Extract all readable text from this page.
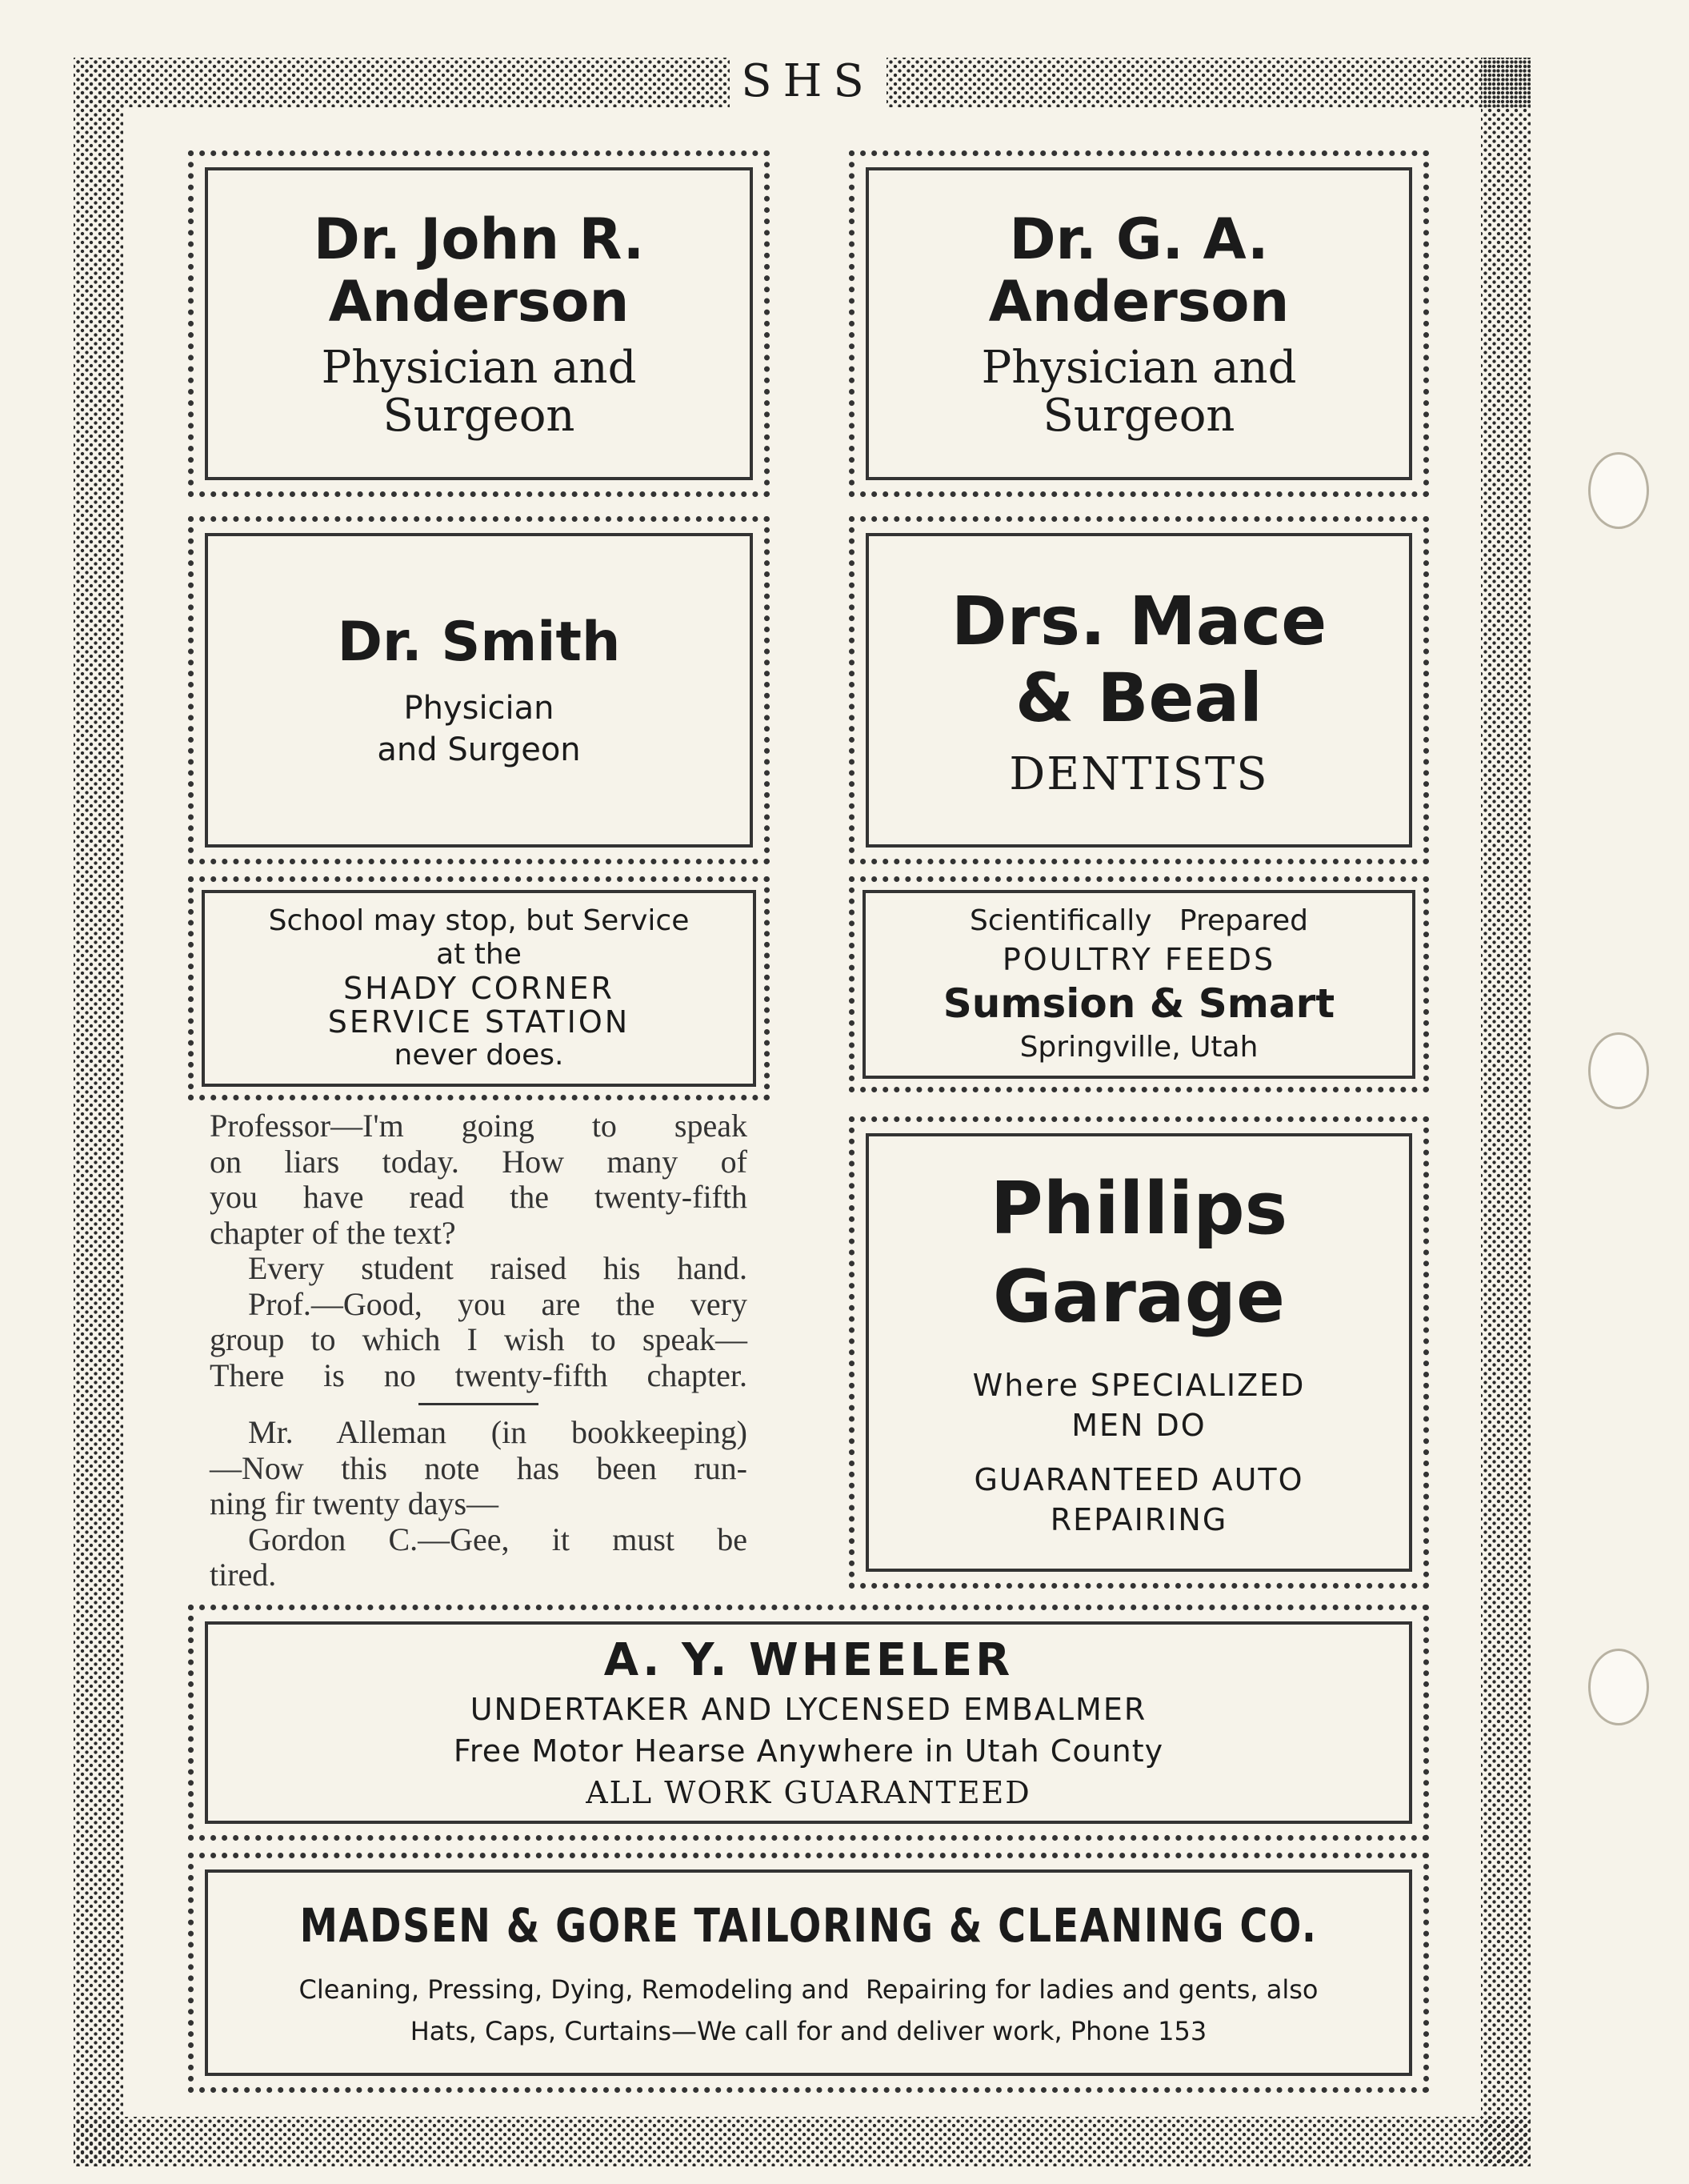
SHS
Dr. John R.
Anderson
Physician and
Surgeon
Dr. G. A.
Anderson
Physician and
Surgeon
Dr. Smith
Physician
and Surgeon
Drs. Mace
& Beal
DENTISTS
School may stop, but Service
at the
SHADY CORNER
SERVICE STATION
never does.
Scientifically   Prepared
POULTRY FEEDS
Sumsion & Smart
Springville, Utah

Professor—I'm going to speak

on liars today. How many of

you have read the twenty-fifth

chapter of the text?

Every student raised his hand.

Prof.—Good, you are the very

group to which I wish to speak—

There is no twenty-fifth chapter.

Mr. Alleman (in bookkeeping)

—Now this note has been run-

ning fir twenty days—

Gordon C.—Gee, it must be

tired.

Phillips
Garage
Where SPECIALIZED
MEN DO
GUARANTEED AUTO
REPAIRING
A. Y. WHEELER
UNDERTAKER AND LYCENSED EMBALMER
Free Motor Hearse Anywhere in Utah County
ALL WORK GUARANTEED
MADSEN & GORE TAILORING & CLEANING CO.
Cleaning, Pressing, Dying, Remodeling and  Repairing for ladies and gents, also
Hats, Caps, Curtains—We call for and deliver work, Phone 153
